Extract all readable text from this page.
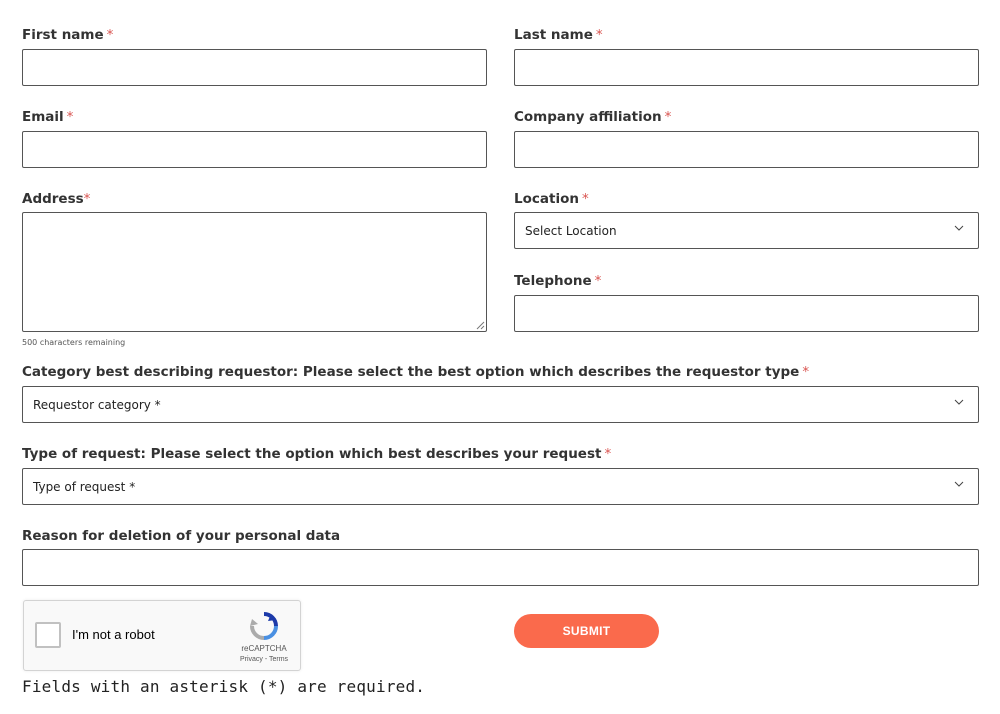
First name *	Last name *
Email *	Company affiliation *
Address*
500 characters remaining
Location *
Select Location
Telephone *
Category best describing requestor: Please select the best option which describes the requestor type *
Requestor category *
Type of request: Please select the option which best describes your request *
Type of request *
Reason for deletion of your personal data
I'm not a robot
reCAPTCHA
Privacy - Terms
SUBMIT
Fields with an asterisk (*) are required.
